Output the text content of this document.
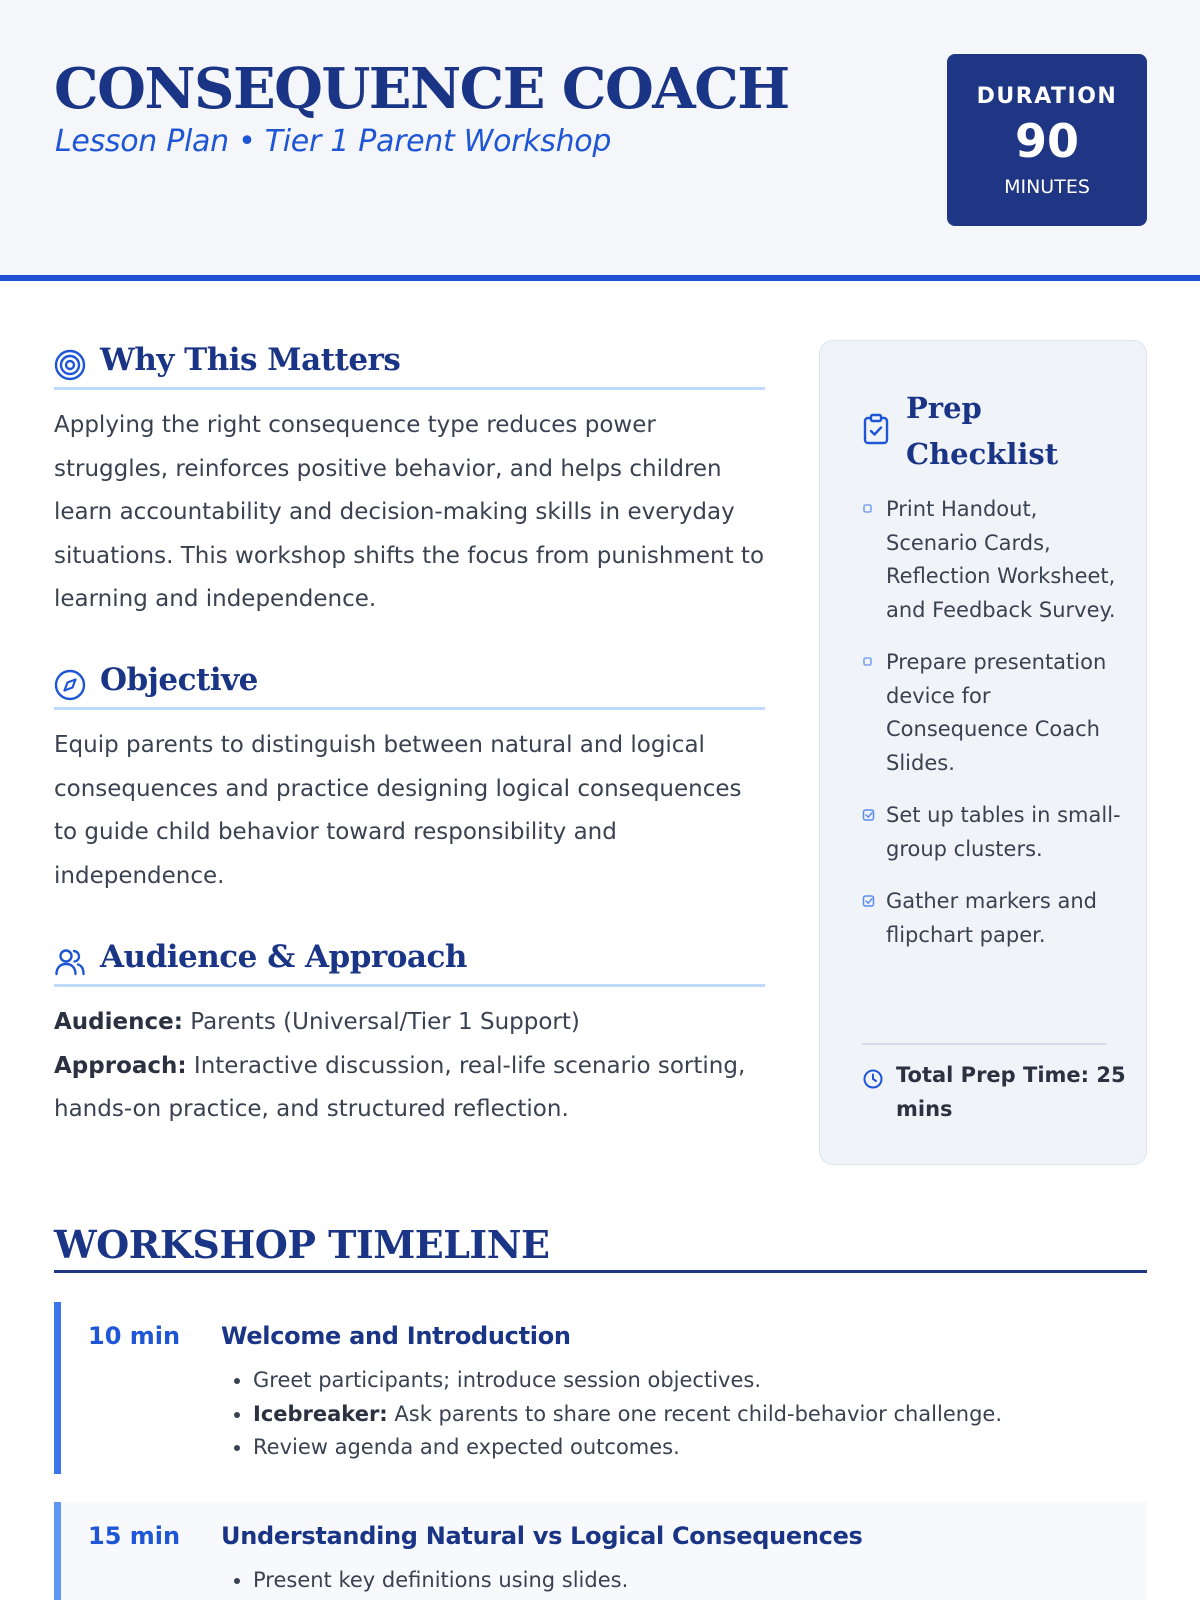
CONSEQUENCE COACH
Lesson Plan • Tier 1 Parent Workshop
DURATION
90
MINUTES
Why This Matters

Applying the right consequence type reduces power struggles, reinforces positive behavior, and helps children learn accountability and decision-making skills in everyday situations. This workshop shifts the focus from punishment to learning and independence.

Objective

Equip parents to distinguish between natural and logical consequences and practice designing logical consequences to guide child behavior toward responsibility and independence.

Audience & Approach

Audience: Parents (Universal/Tier 1 Support)

Approach: Interactive discussion, real-life scenario sorting, hands-on practice, and structured reflection.

Prep Checklist
Print Handout, Scenario Cards, Reflection Worksheet, and Feedback Survey.
Prepare presentation device for Consequence Coach Slides.
Set up tables in small-group clusters.
Gather markers and flipchart paper.
Total Prep Time: 25 mins
WORKSHOP TIMELINE
10 min Welcome and Introduction
• Greet participants; introduce session objectives.
• Icebreaker: Ask parents to share one recent child-behavior challenge.
• Review agenda and expected outcomes.
15 min Understanding Natural vs Logical Consequences
• Present key definitions using slides.
